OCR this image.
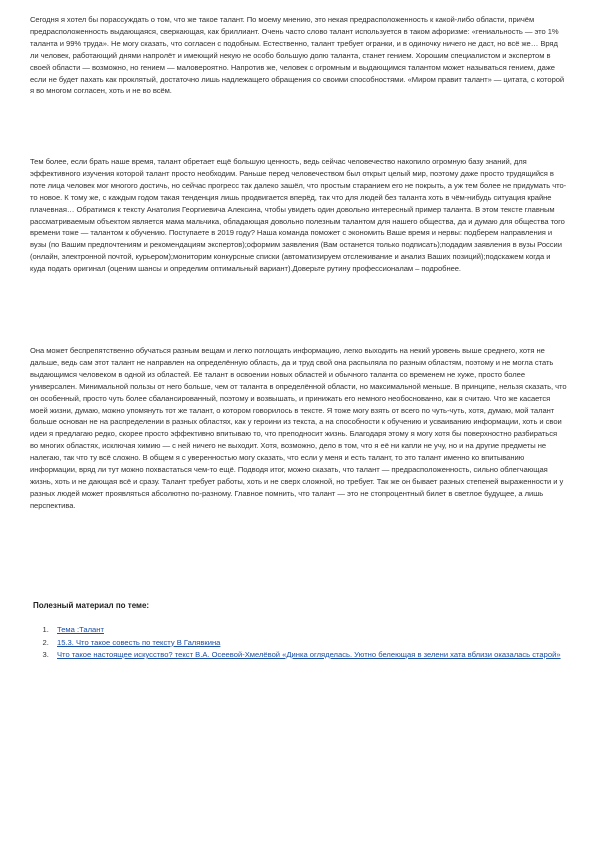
Сегодня я хотел бы порассуждать о том, что же такое талант. По моему мнению, это некая предрасположенность к какой-либо области, причём предрасположенность выдающаяся, сверкающая, как бриллиант. Очень часто слово талант используется в таком афоризме: «гениальность — это 1% таланта и 99% труда». Не могу сказать, что согласен с подобным. Естественно, талант требует огранки, и в одиночку ничего не даст, но всё же… Вряд ли человек, работающий днями напролёт и имеющий некую не особо большую долю таланта, станет гением. Хорошим специалистом и экспертом в своей области — возможно, но гением — маловероятно. Напротив же, человек с огромным и выдающимся талантом может называться гением, даже если не будет пахать как проклятый, достаточно лишь надлежащего обращения со своими способностями. «Миром правит талант» — цитата, с которой я во многом согласен, хоть и не во всём.

Тем более, если брать наше время, талант обретает ещё большую ценность, ведь сейчас человечество накопило огромную базу знаний, для эффективного изучения которой талант просто необходим. Раньше перед человечеством был открыт целый мир, поэтому даже просто трудящийся в поте лица человек мог многого достичь, но сейчас прогресс так далеко зашёл, что простым старанием его не покрыть, а уж тем более не придумать что-то новое. К тому же, с каждым годом такая тенденция лишь продвигается вперёд, так что для людей без таланта хоть в чём-нибудь ситуация крайне плачевная… Обратимся к тексту Анатолия Георгиевича Алексина, чтобы увидеть один довольно интересный пример таланта. В этом тексте главным рассматриваемым объектом является мама мальчика, обладающая довольно полезным талантом для нашего общества, да и думаю для общества того времени тоже — талантом к обучению. Поступаете в 2019 году? Наша команда поможет с экономить Ваше время и нервы: подберем направления и вузы (по Вашим предпочтениям и рекомендациям экспертов);оформим заявления (Вам останется только подписать);подадим заявления в вузы России (онлайн, электронной почтой, курьером);мониторим конкурсные списки (автоматизируем отслеживание и анализ Ваших позиций);подскажем когда и куда подать оригинал (оценим шансы и определим оптимальный вариант).Доверьте рутину профессионалам – подробнее.

Она может беспрепятственно обучаться разным вещам и легко поглощать информацию, легко выходить на некий уровень выше среднего, хотя не дальше, ведь сам этот талант не направлен на определённую область, да и труд свой она распыляла по разным областям, поэтому и не могла стать выдающимся человеком в одной из областей. Её талант в освоении новых областей и обычного таланта со временем не хуже, просто более универсален. Минимальной пользы от него больше, чем от таланта в определённой области, но максимальной меньше. В принципе, нельзя сказать, что он особенный, просто чуть более сбалансированный, поэтому и возвышать, и принижать его немного необоснованно, как я считаю. Что же касается моей жизни, думаю, можно упомянуть тот же талант, о котором говорилось в тексте. Я тоже могу взять от всего по чуть-чуть, хотя, думаю, мой талант больше основан не на распределении в разных областях, как у героини из текста, а на способности к обучению и усваиванию информации, хоть и свои идеи я предлагаю редко, скорее просто эффективно впитываю то, что преподносит жизнь. Благодаря этому я могу хотя бы поверхностно разбираться во многих областях, исключая химию — с ней ничего не выходит. Хотя, возможно, дело в том, что я её ни капли не учу, но и на другие предметы не налегаю, так что ту всё сложно. В общем я с уверенностью могу сказать, что если у меня и есть талант, то это талант именно ко впитыванию информации, вряд ли тут можно похвастаться чем-то ещё. Подводя итог, можно сказать, что талант — предрасположенность, сильно облегчающая жизнь, хоть и не дающая всё и сразу. Талант требует работы, хоть и не сверх сложной, но требует. Так же он бывает разных степеней выраженности и у разных людей может проявляться абсолютно по-разному. Главное помнить, что талант — это не стопроцентный билет в светлое будущее, а лишь перспектива.

Полезный материал по теме:

1. Тема :Талант
2. 15.3. Что такое совесть по тексту В Галявкина
3. Что такое настоящее искусство? текст В.А. Осеевой-Хмелёвой «Динка огляделась. Уютно белеющая в зелени хата вблизи оказалась старой»
